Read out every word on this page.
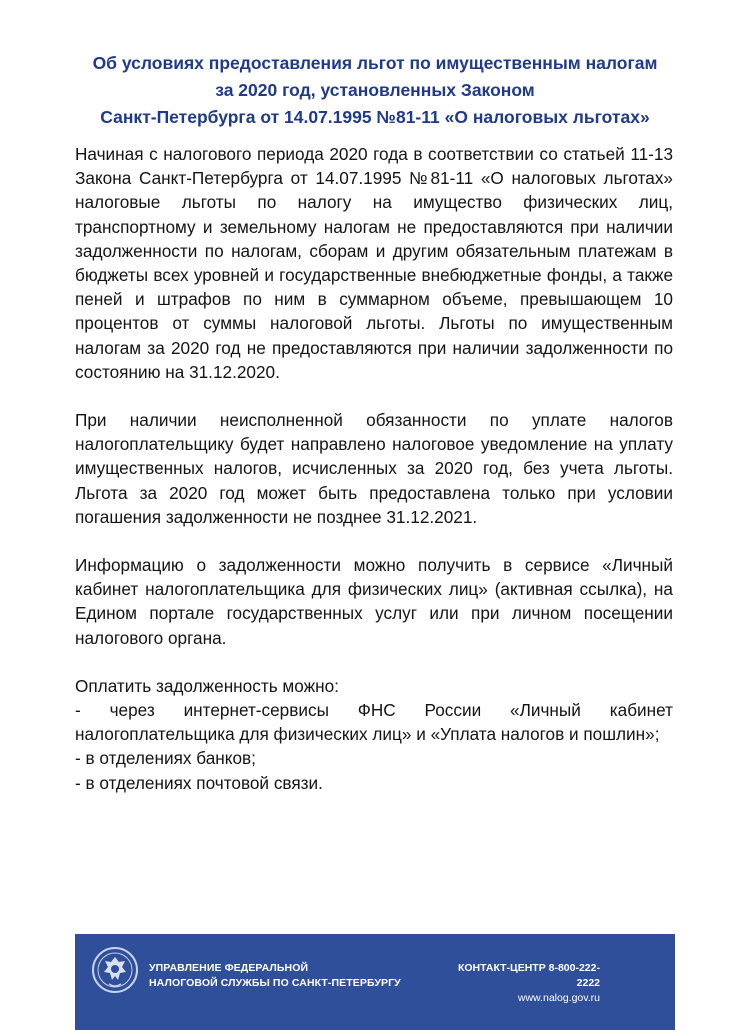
Об условиях предоставления льгот по имущественным налогам
за 2020 год, установленных Законом
Санкт-Петербурга от 14.07.1995 №81-11 «О налоговых льготах»

Начиная с налогового периода 2020 года в соответствии со статьей 11-13 Закона Санкт-Петербурга от 14.07.1995 №81-11 «О налоговых льготах» налоговые льготы по налогу на имущество физических лиц, транспортному и земельному налогам не предоставляются при наличии задолженности по налогам, сборам и другим обязательным платежам в бюджеты всех уровней и государственные внебюджетные фонды, а также пеней и штрафов по ним в суммарном объеме, превышающем 10 процентов от суммы налоговой льготы. Льготы по имущественным налогам за 2020 год не предоставляются при наличии задолженности по состоянию на 31.12.2020.

При наличии неисполненной обязанности по уплате налогов налогоплательщику будет направлено налоговое уведомление на уплату имущественных налогов, исчисленных за 2020 год, без учета льготы. Льгота за 2020 год может быть предоставлена только при условии погашения задолженности не позднее 31.12.2021.

Информацию о задолженности можно получить в сервисе «Личный кабинет налогоплательщика для физических лиц» (активная ссылка), на Едином портале государственных услуг или при личном посещении налогового органа.

Оплатить задолженность можно:

- через интернет-сервисы ФНС России «Личный кабинет налогоплательщика для физических лиц» и «Уплата налогов и пошлин»;
- в отделениях банков;
- в отделениях почтовой связи.
УПРАВЛЕНИЕ ФЕДЕРАЛЬНОЙ
НАЛОГОВОЙ СЛУЖБЫ ПО САНКТ-ПЕТЕРБУРГУ
КОНТАКТ-ЦЕНТР 8-800-222-2222
www.nalog.gov.ru
